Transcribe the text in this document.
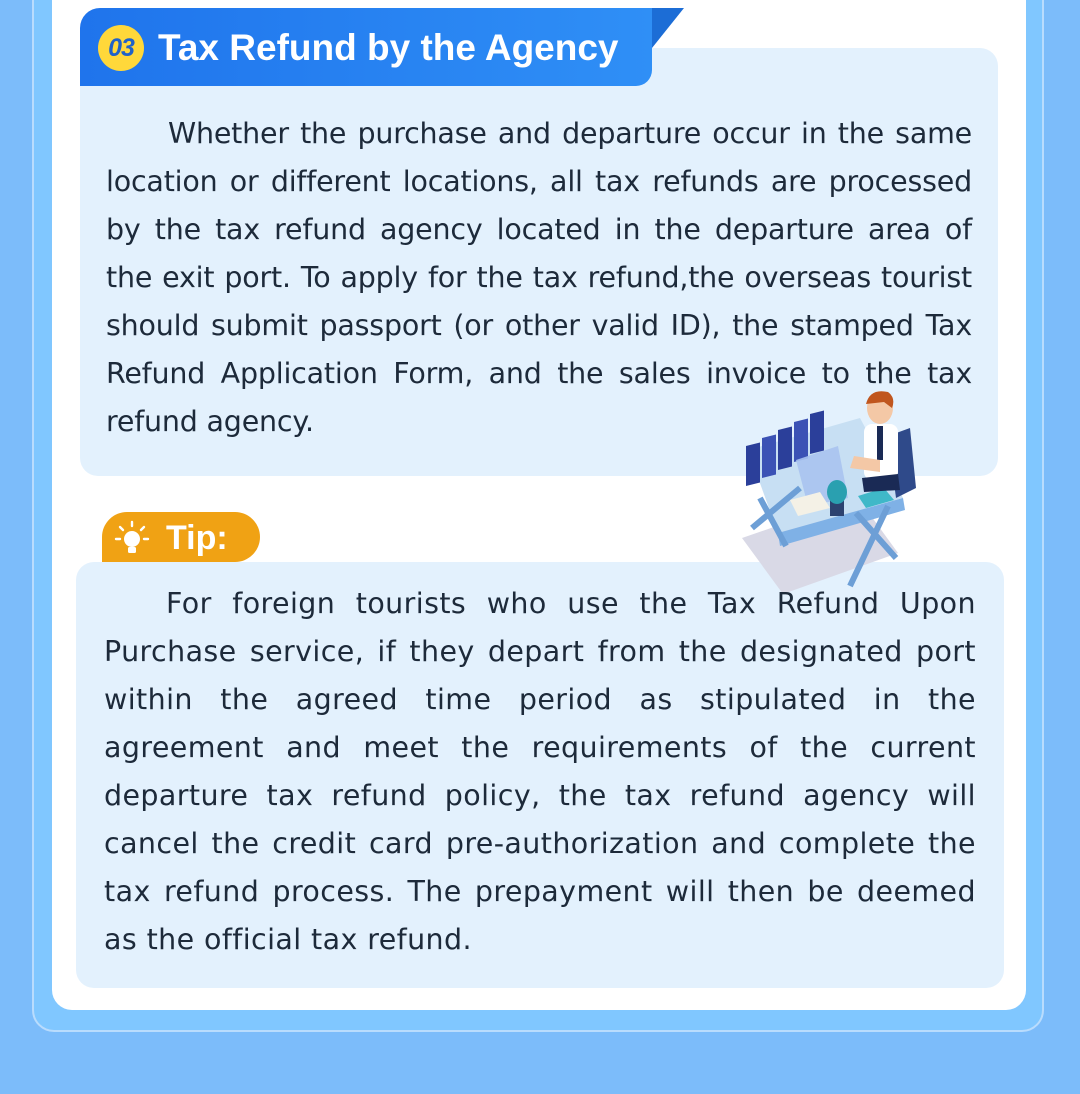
03 Tax Refund by the Agency

Whether the purchase and departure occur in the same location or different locations, all tax refunds are processed by the tax refund agency located in the departure area of the exit port. To apply for the tax refund,the overseas tourist should submit passport (or other valid ID), the stamped Tax Refund Application Form, and the sales invoice to the tax refund agency.

Tip:

For foreign tourists who use the Tax Refund Upon Purchase service, if they depart from the designated port within the agreed time period as stipulated in the agreement and meet the requirements of the current departure tax refund policy, the tax refund agency will cancel the credit card pre-authorization and complete the tax refund process. The prepayment will then be deemed as the official tax refund.
